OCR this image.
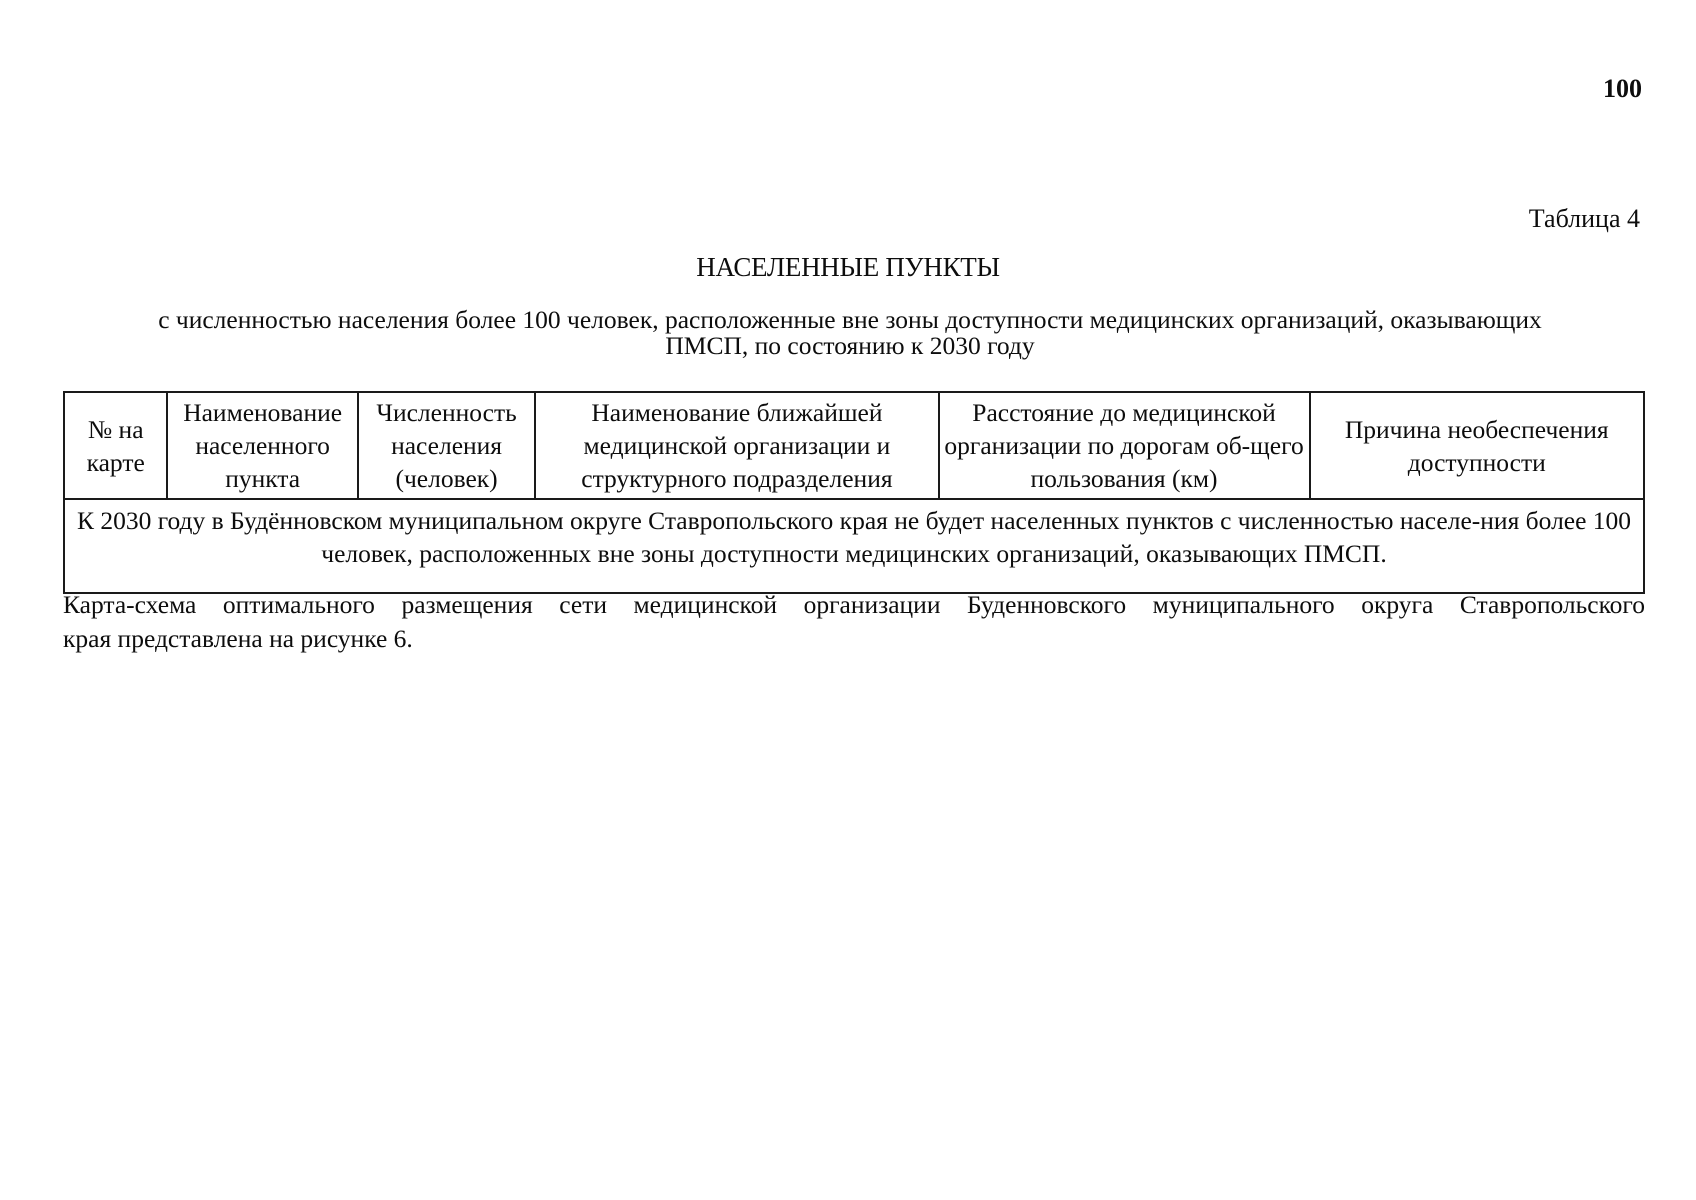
100
Таблица 4
НАСЕЛЕННЫЕ ПУНКТЫ
с численностью населения более 100 человек, расположенные вне зоны доступности медицинских организаций, оказывающих
ПМСП, по состоянию к 2030 году
№ на карте	Наименование населенного пункта	Численность населения (человек)	Наименование ближайшей медицинской организации и структурного подразделения	Расстояние до медицинской организации по дорогам об-щего пользования (км)	Причина необеспечения доступности
К 2030 году в Будённовском муниципальном округе Ставропольского края не будет населенных пунктов с численностью населе-ния более 100 человек, расположенных вне зоны доступности медицинских организаций, оказывающих ПМСП.
Карта-схема оптимального размещения сети медицинской организации Буденновского муниципального округа Ставропольского
края представлена на рисунке 6.
